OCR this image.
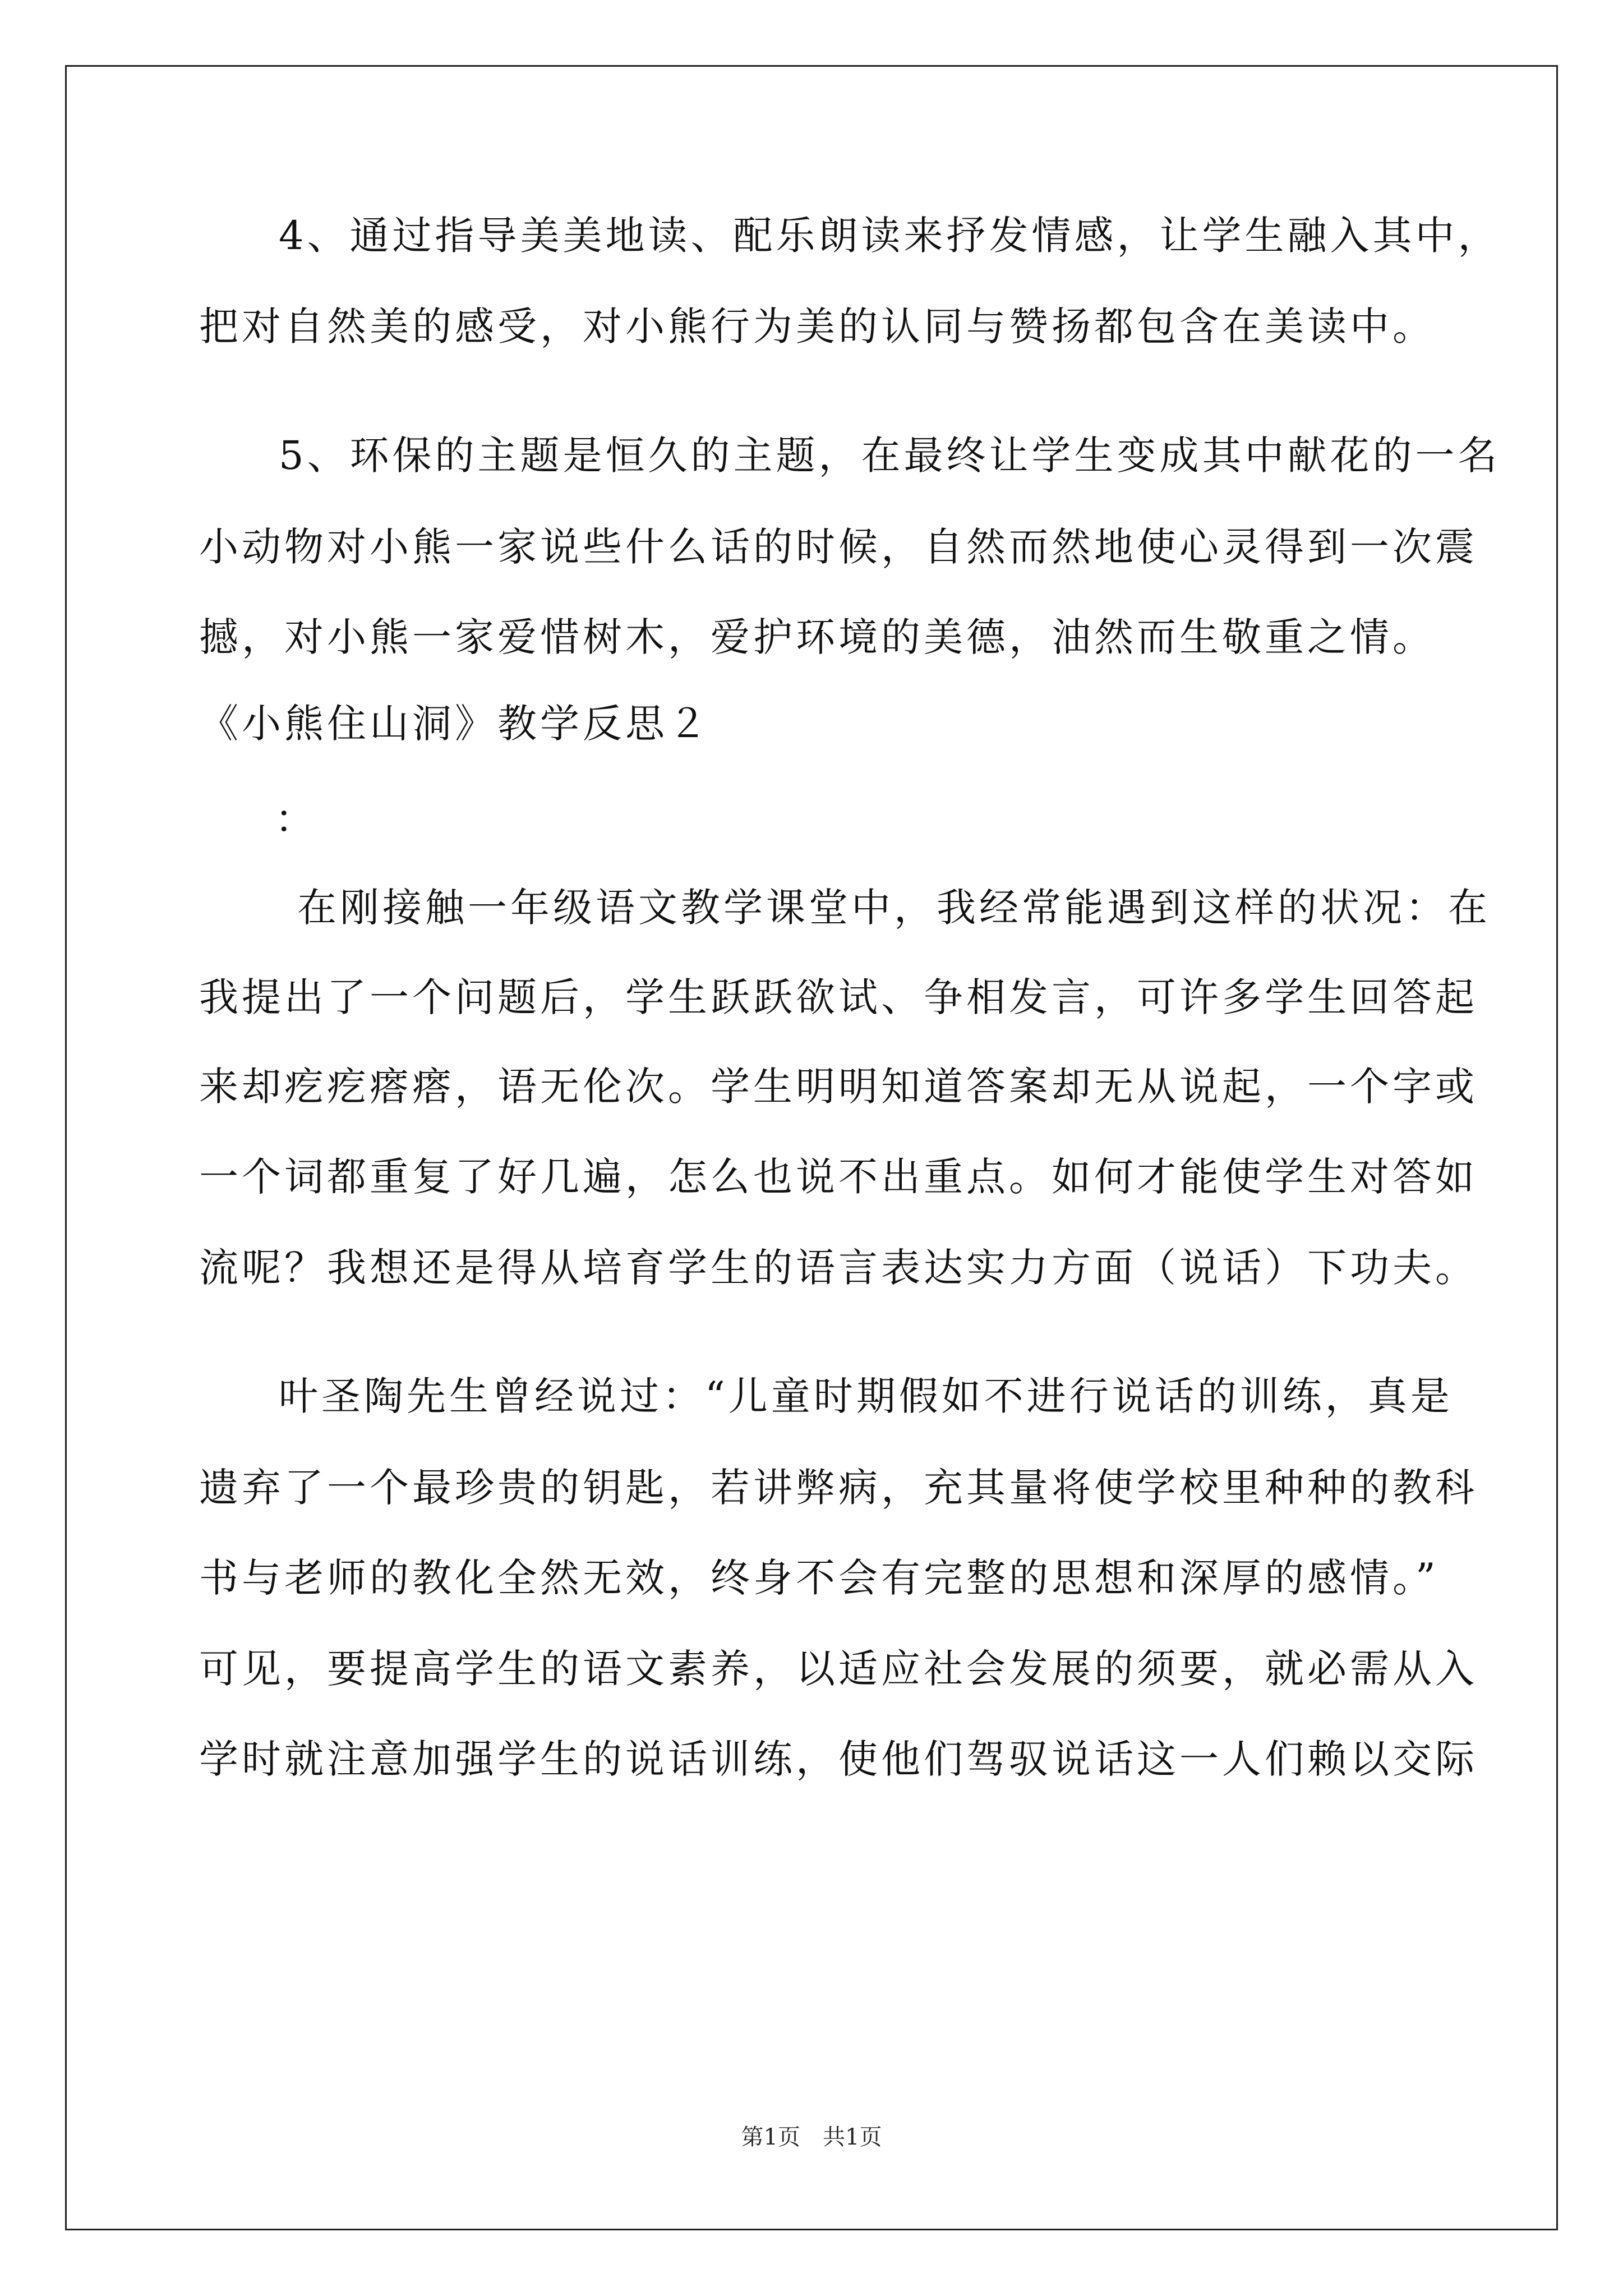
4、通过指导美美地读、配乐朗读来抒发情感，让学生融入其中，
把对自然美的感受，对小熊行为美的认同与赞扬都包含在美读中。
5、环保的主题是恒久的主题，在最终让学生变成其中献花的一名
小动物对小熊一家说些什么话的时候，自然而然地使心灵得到一次震
撼，对小熊一家爱惜树木，爱护环境的美德，油然而生敬重之情。
《小熊住山洞》教学反思２
：
在刚接触一年级语文教学课堂中，我经常能遇到这样的状况：在
我提出了一个问题后，学生跃跃欲试、争相发言，可许多学生回答起
来却疙疙瘩瘩，语无伦次。学生明明知道答案却无从说起，一个字或
一个词都重复了好几遍，怎么也说不出重点。如何才能使学生对答如
流呢？我想还是得从培育学生的语言表达实力方面（说话）下功夫。
叶圣陶先生曾经说过：“儿童时期假如不进行说话的训练，真是
遗弃了一个最珍贵的钥匙，若讲弊病，充其量将使学校里种种的教科
书与老师的教化全然无效，终身不会有完整的思想和深厚的感情。”
可见，要提高学生的语文素养，以适应社会发展的须要，就必需从入
学时就注意加强学生的说话训练，使他们驾驭说话这一人们赖以交际
第1页　共1页
